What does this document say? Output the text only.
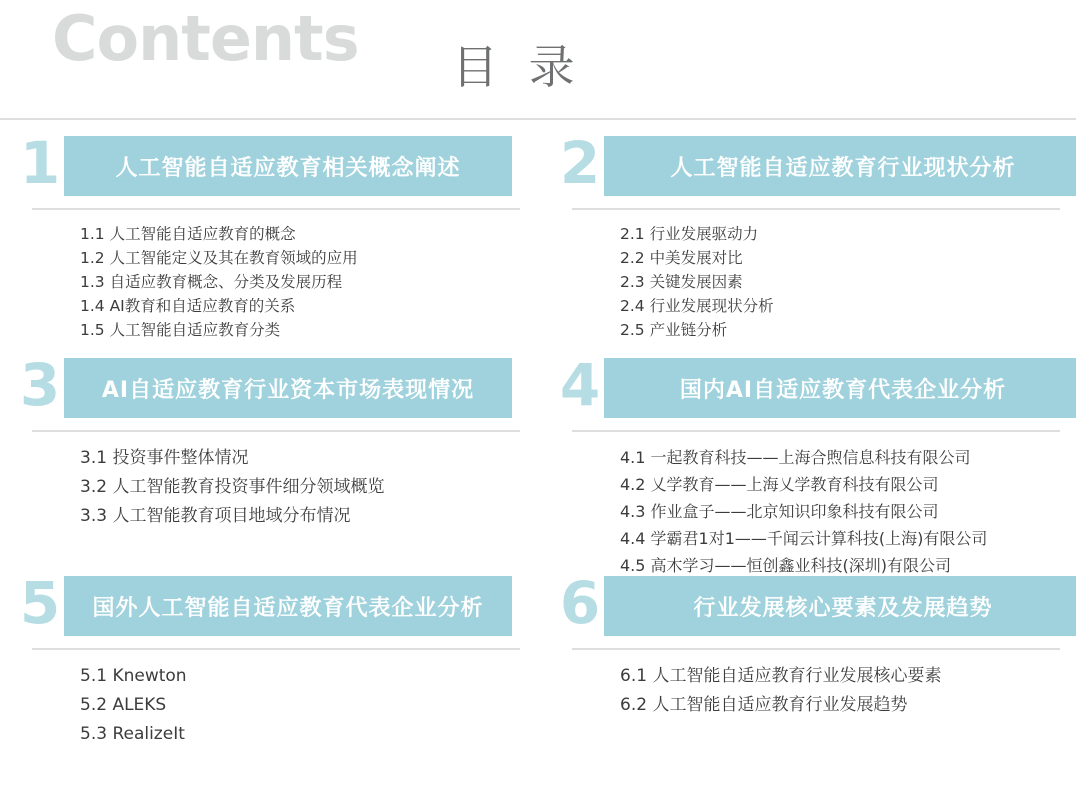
Contents 目 录
1	人工智能自适应教育相关概念阐述
1.1 人工智能自适应教育的概念
1.2 人工智能定义及其在教育领域的应用
1.3 自适应教育概念、分类及发展历程
1.4 AI教育和自适应教育的关系
1.5 人工智能自适应教育分类
2	人工智能自适应教育行业现状分析
2.1 行业发展驱动力
2.2 中美发展对比
2.3 关键发展因素
2.4 行业发展现状分析
2.5 产业链分析
3 AI自适应教育行业资本市场表现情况
3.1 投资事件整体情况
3.2 人工智能教育投资事件细分领域概览
3.3 人工智能教育项目地域分布情况
4	国内AI自适应教育代表企业分析
4.1 一起教育科技——上海合煦信息科技有限公司
4.2 乂学教育——上海乂学教育科技有限公司
4.3 作业盒子——北京知识印象科技有限公司
4.4 学霸君1对1——千闻云计算科技(上海)有限公司
4.5 高木学习——恒创鑫业科技(深圳)有限公司
5 国外人工智能自适应教育代表企业分析
5.1 Knewton
5.2 ALEKS
5.3 RealizeIt
6	行业发展核心要素及发展趋势
6.1 人工智能自适应教育行业发展核心要素
6.2 人工智能自适应教育行业发展趋势
